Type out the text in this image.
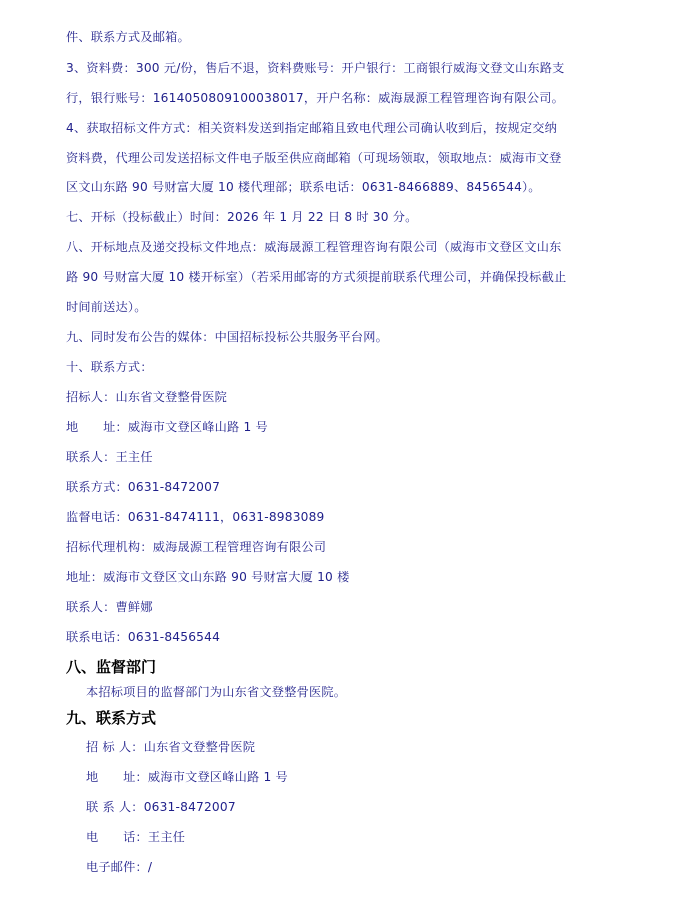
件、联系方式及邮箱。
3、资料费：300 元/份，售后不退，资料费账号：开户银行：工商银行威海文登文山东路支
行，银行账号：1614050809100038017，开户名称：威海晟源工程管理咨询有限公司。
4、获取招标文件方式：相关资料发送到指定邮箱且致电代理公司确认收到后，按规定交纳
资料费，代理公司发送招标文件电子版至供应商邮箱（可现场领取，领取地点：威海市文登
区文山东路 90 号财富大厦 10 楼代理部；联系电话：0631-8466889、8456544）。
七、开标（投标截止）时间：2026 年 1 月 22 日 8 时 30 分。
八、开标地点及递交投标文件地点：威海晟源工程管理咨询有限公司（威海市文登区文山东
路 90 号财富大厦 10 楼开标室）（若采用邮寄的方式须提前联系代理公司，并确保投标截止
时间前送达）。
九、同时发布公告的媒体：中国招标投标公共服务平台网。
十、联系方式：
招标人：山东省文登整骨医院
地　　址：威海市文登区峰山路 1 号
联系人：王主任
联系方式：0631-8472007
监督电话：0631-8474111，0631-8983089
招标代理机构：威海晟源工程管理咨询有限公司
地址：威海市文登区文山东路 90 号财富大厦 10 楼
联系人：曹鲜娜
联系电话：0631-8456544
八、监督部门
本招标项目的监督部门为山东省文登整骨医院。
九、联系方式
招 标 人：山东省文登整骨医院
地　　址：威海市文登区峰山路 1 号
联 系 人：0631-8472007
电　　话：王主任
电子邮件：/
